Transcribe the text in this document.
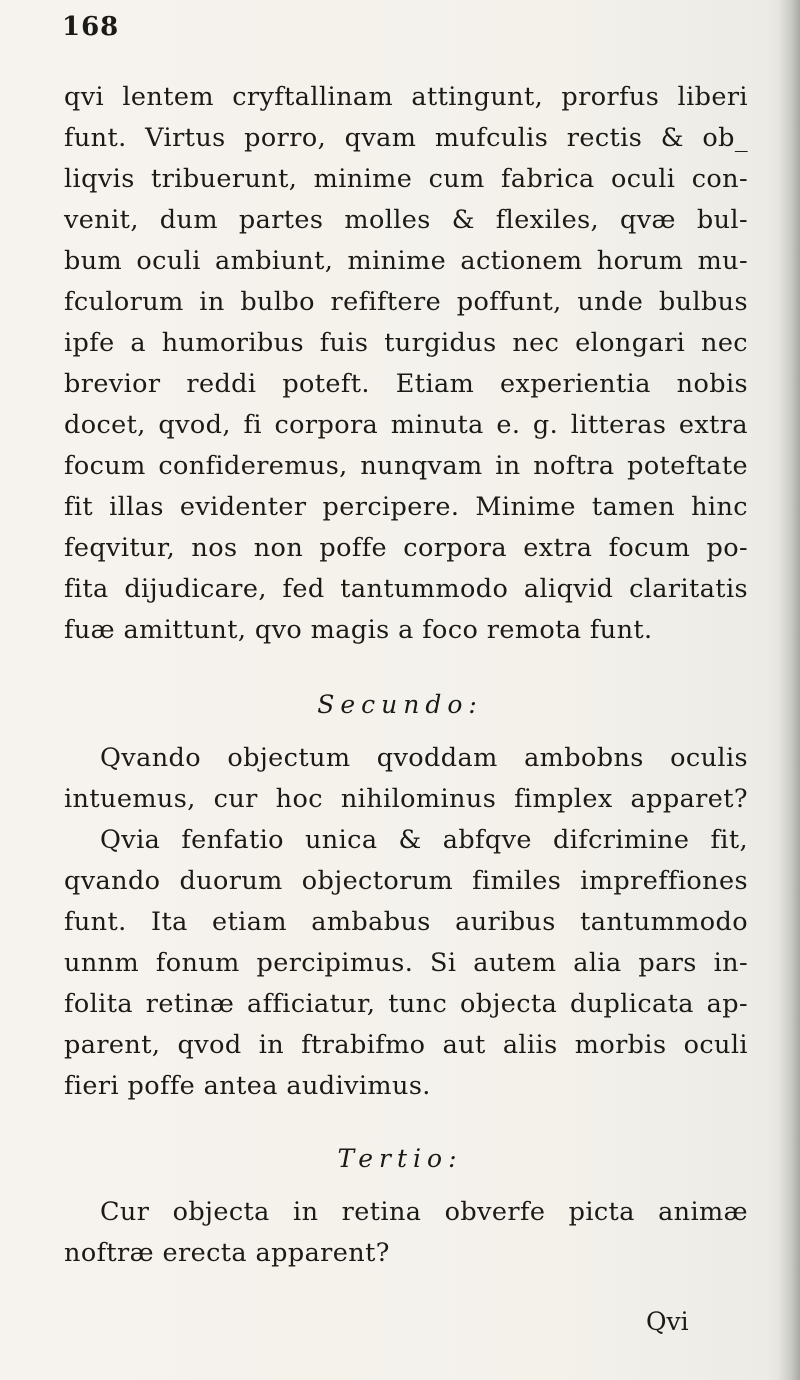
168
qvi lentem cryftallinam attingunt, prorfus liberi
funt. Virtus porro, qvam mufculis rectis & ob_
liqvis tribuerunt, minime cum fabrica oculi con-
venit, dum partes molles & flexiles, qvæ bul-
bum oculi ambiunt, minime actionem horum mu-
fculorum in bulbo refiftere poffunt, unde bulbus
ipfe a humoribus fuis turgidus nec elongari nec
brevior reddi poteft. Etiam experientia nobis
docet, qvod, fi corpora minuta e. g. litteras extra
focum confideremus, nunqvam in noftra poteftate
fit illas evidenter percipere. Minime tamen hinc
feqvitur, nos non poffe corpora extra focum po-
fita dijudicare, fed tantummodo aliqvid claritatis
fuæ amittunt, qvo magis a foco remota funt.
Secundo:
Qvando objectum qvoddam ambobns oculis
intuemus, cur hoc nihilominus fimplex apparet?
Qvia fenfatio unica & abfqve difcrimine fit,
qvando duorum objectorum fimiles impreffiones
funt. Ita etiam ambabus auribus tantummodo
unnm fonum percipimus. Si autem alia pars in-
folita retinæ afficiatur, tunc objecta duplicata ap-
parent, qvod in ftrabifmo aut aliis morbis oculi
fieri poffe antea audivimus.
Tertio:
Cur objecta in retina obverfe picta animæ
noftræ erecta apparent?
Qvi
